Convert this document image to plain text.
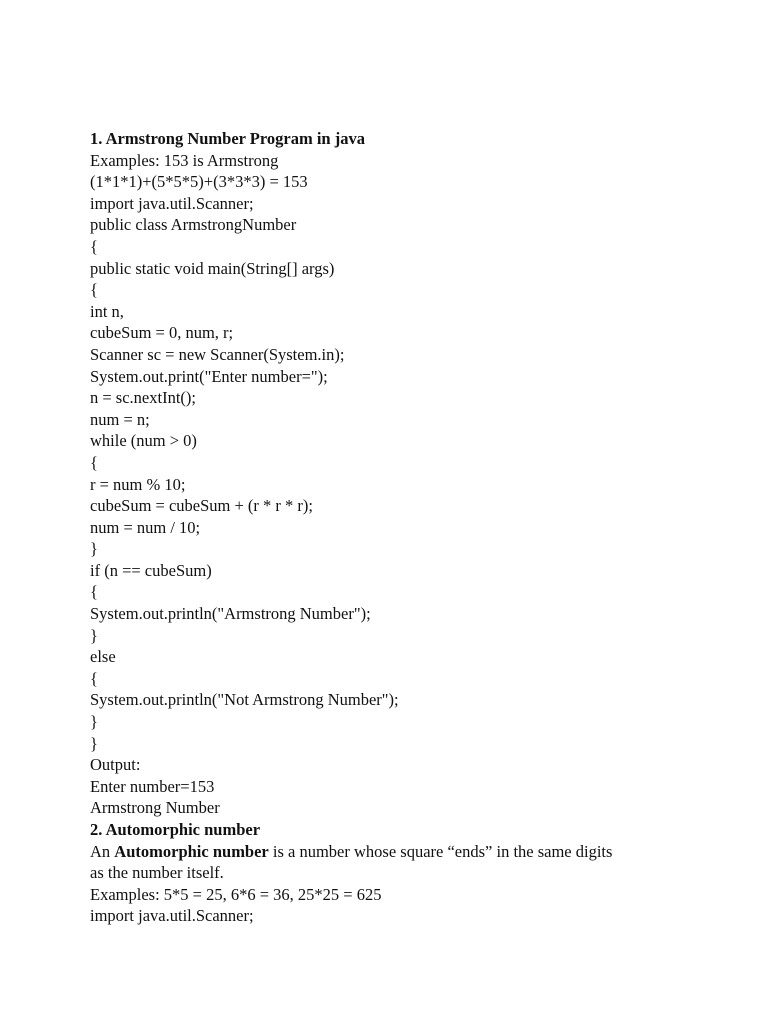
1. Armstrong Number Program in java
Examples: 153 is Armstrong
(1*1*1)+(5*5*5)+(3*3*3) = 153
import java.util.Scanner;
public class ArmstrongNumber
{
public static void main(String[] args)
{
int n,
cubeSum = 0, num, r;
Scanner sc = new Scanner(System.in);
System.out.print("Enter number=");
n = sc.nextInt();
num = n;
while (num > 0)
{
r = num % 10;
cubeSum = cubeSum + (r * r * r);
num = num / 10;
}
if (n == cubeSum)
{
System.out.println("Armstrong Number");
}
else
{
System.out.println("Not Armstrong Number");
}
}
Output:
Enter number=153
Armstrong Number
2. Automorphic number
An Automorphic number is a number whose square “ends” in the same digits
as the number itself.
Examples: 5*5 = 25, 6*6 = 36, 25*25 = 625
import java.util.Scanner;
